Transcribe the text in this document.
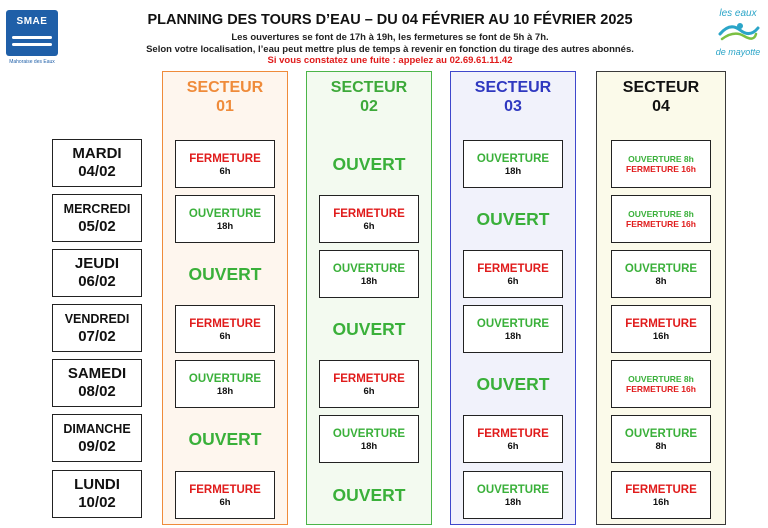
SMAE
Mahoraise des Eaux
les eaux
de mayotte
PLANNING DES TOURS D’EAU – DU 04 FÉVRIER AU 10 FÉVRIER 2025
Les ouvertures se font de 17h à 19h, les fermetures se font de 5h à 7h.
Selon votre localisation, l’eau peut mettre plus de temps à revenir en fonction du tirage des autres abonnés.
Si vous constatez une fuite : appelez au 02.69.61.11.42
MARDI
04/02
MERCREDI
05/02
JEUDI
06/02
VENDREDI
07/02
SAMEDI
08/02
DIMANCHE
09/02
LUNDI
10/02
SECTEUR
01
FERMETURE
6h
OUVERTURE
18h
OUVERT
FERMETURE
6h
OUVERTURE
18h
OUVERT
FERMETURE
6h
SECTEUR
02
OUVERT
FERMETURE
6h
OUVERTURE
18h
OUVERT
FERMETURE
6h
OUVERTURE
18h
OUVERT
SECTEUR
03
OUVERTURE
18h
OUVERT
FERMETURE
6h
OUVERTURE
18h
OUVERT
FERMETURE
6h
OUVERTURE
18h
SECTEUR
04
OUVERTURE 8h
FERMETURE 16h
OUVERTURE 8h
FERMETURE 16h
OUVERTURE
8h
FERMETURE
16h
OUVERTURE 8h
FERMETURE 16h
OUVERTURE
8h
FERMETURE
16h
